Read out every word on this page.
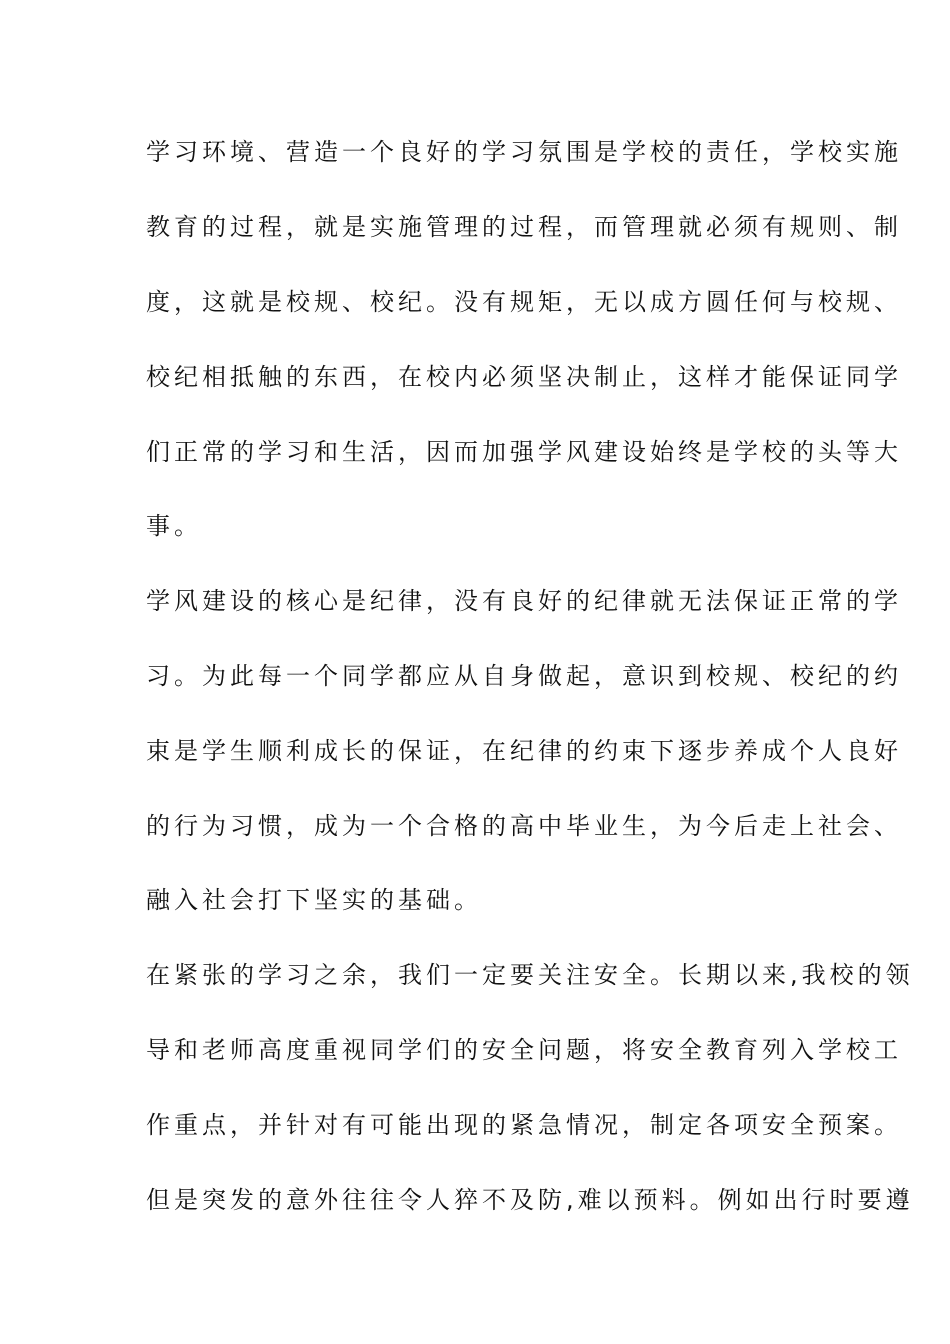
学习环境、营造一个良好的学习氛围是学校的责任，学校实施
教育的过程，就是实施管理的过程，而管理就必须有规则、制
度，这就是校规、校纪。没有规矩，无以成方圆任何与校规、
校纪相抵触的东西，在校内必须坚决制止，这样才能保证同学
们正常的学习和生活，因而加强学风建设始终是学校的头等大
事。
学风建设的核心是纪律，没有良好的纪律就无法保证正常的学
习。为此每一个同学都应从自身做起，意识到校规、校纪的约
束是学生顺利成长的保证，在纪律的约束下逐步养成个人良好
的行为习惯，成为一个合格的高中毕业生，为今后走上社会、
融入社会打下坚实的基础。
在紧张的学习之余，我们一定要关注安全。长期以来,我校的领
导和老师高度重视同学们的安全问题，将安全教育列入学校工
作重点，并针对有可能出现的紧急情况，制定各项安全预案。
但是突发的意外往往令人猝不及防,难以预料。例如出行时要遵
